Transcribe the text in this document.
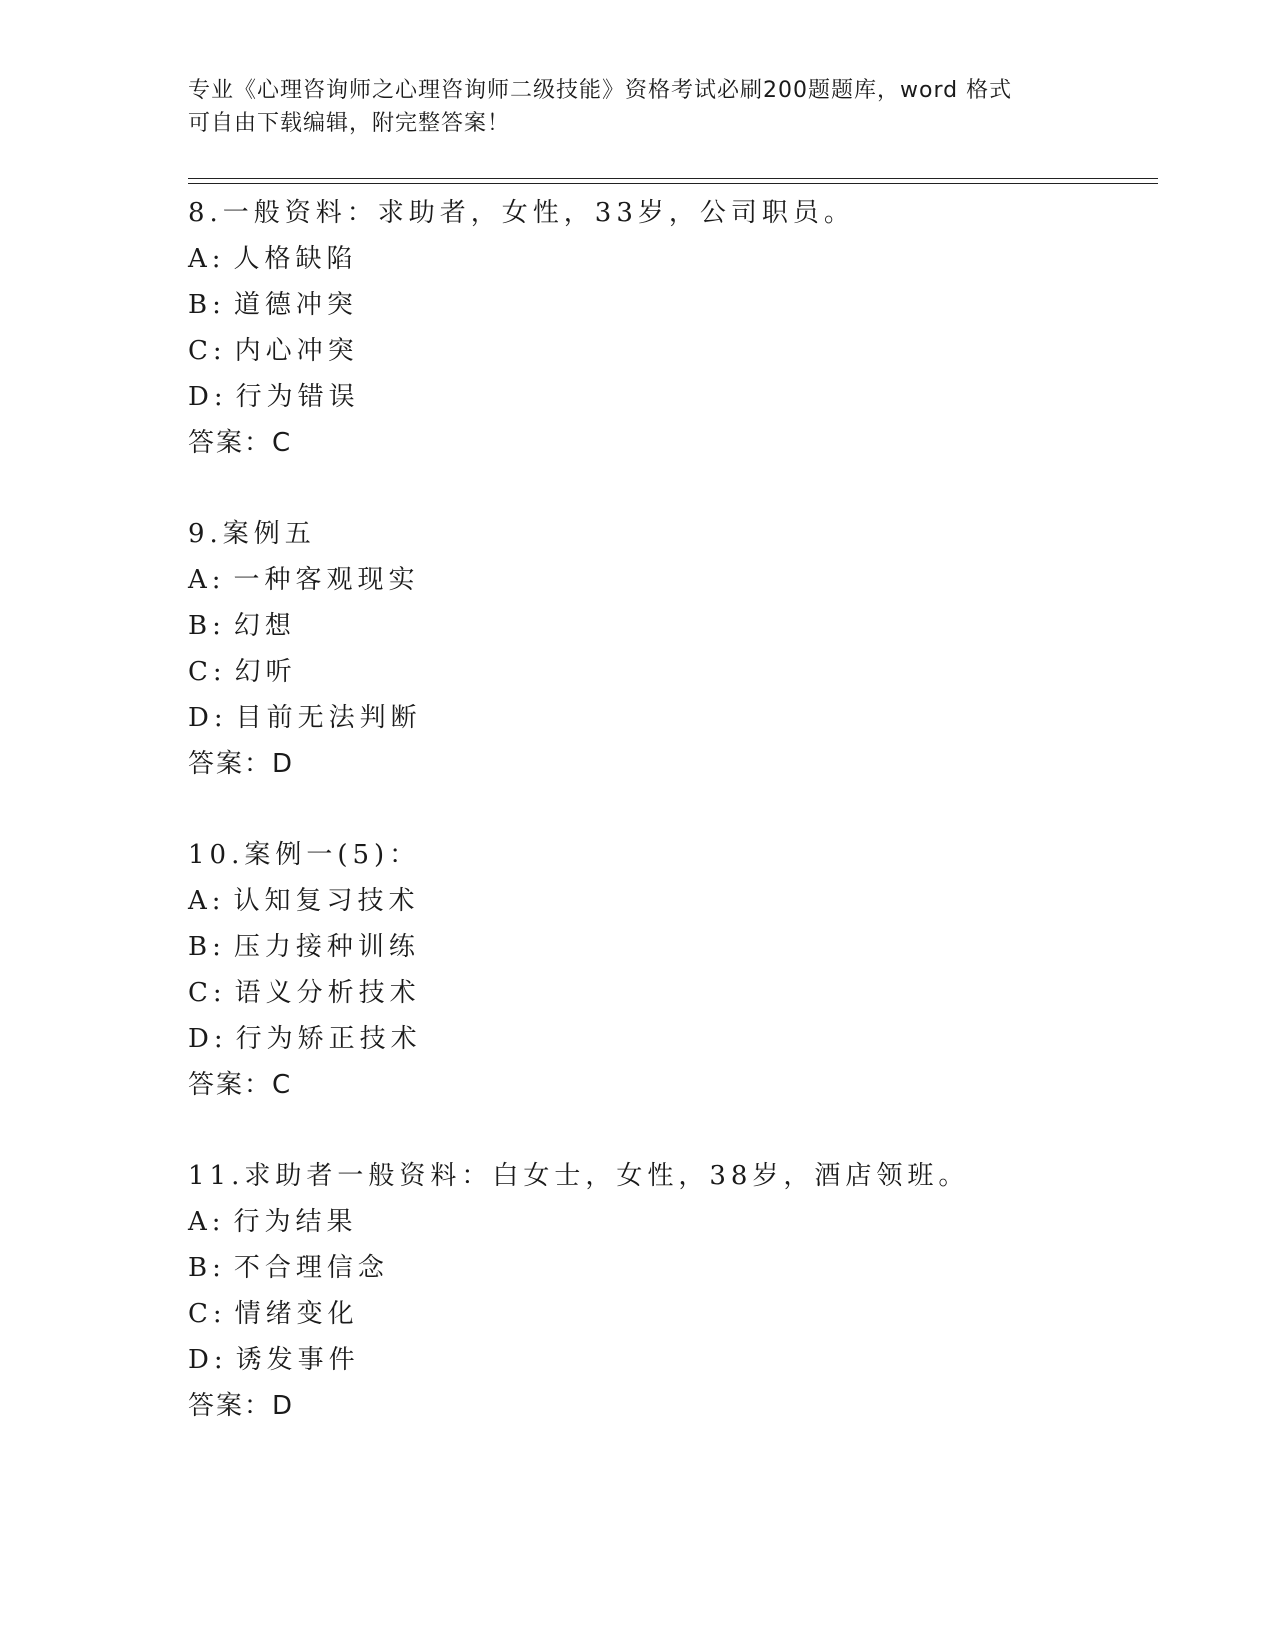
专业《心理咨询师之心理咨询师二级技能》资格考试必刷200题题库，word 格式
可自由下载编辑，附完整答案！
8.一般资料：求助者，女性，33岁，公司职员。
A: 人格缺陷
B: 道德冲突
C: 内心冲突
D: 行为错误
答案：C
9.案例五
A: 一种客观现实
B: 幻想
C: 幻听
D: 目前无法判断
答案：D
10.案例一(5)：
A: 认知复习技术
B: 压力接种训练
C: 语义分析技术
D: 行为矫正技术
答案：C
11.求助者一般资料：白女士，女性，38岁，酒店领班。
A: 行为结果
B: 不合理信念
C: 情绪变化
D: 诱发事件
答案：D
